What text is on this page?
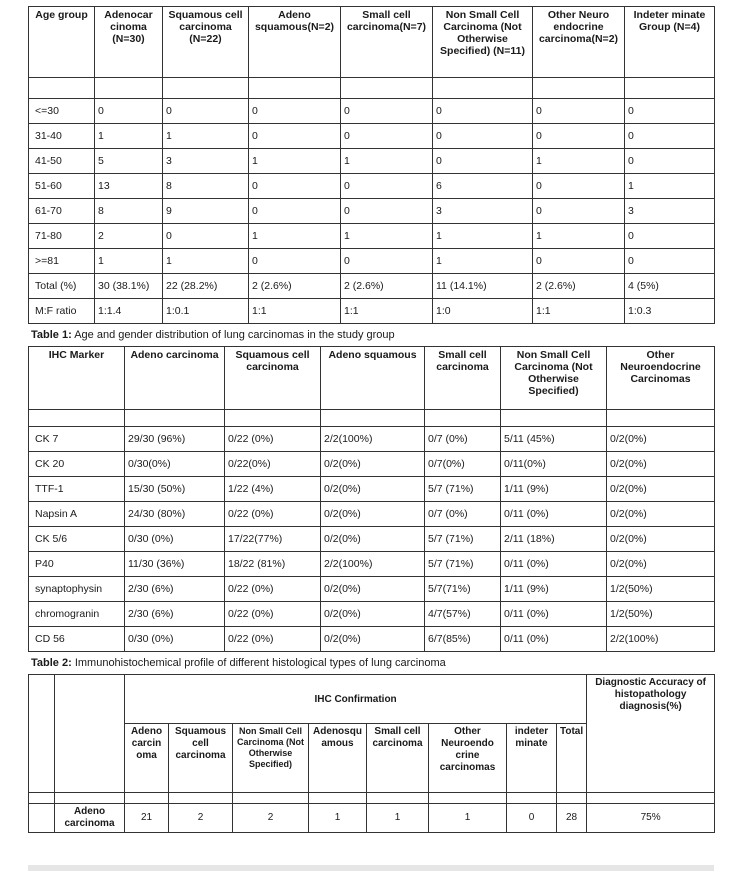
Age group	Adenocar cinoma (N=30)	Squamous cell carcinoma (N=22)	Adeno squamous(N=2)	Small cell carcinoma(N=7)	Non Small Cell Carcinoma (Not Otherwise Specified) (N=11)	Other Neuro endocrine carcinoma(N=2)	Indeter minate Group (N=4)

<=30	0	0	0	0	0	0	0
31-40	1	1	0	0	0	0	0
41-50	5	3	1	1	0	1	0
51-60	13	8	0	0	6	0	1
61-70	8	9	0	0	3	0	3
71-80	2	0	1	1	1	1	0
>=81	1	1	0	0	1	0	0
Total (%)	30 (38.1%)	22 (28.2%)	2 (2.6%)	2 (2.6%)	11 (14.1%)	2 (2.6%)	4 (5%)
M:F ratio	1:1.4	1:0.1	1:1	1:1	1:0	1:1	1:0.3
Table 1: Age and gender distribution of lung carcinomas in the study group
IHC Marker	Adeno carcinoma	Squamous cell carcinoma	Adeno squamous	Small cell carcinoma	Non Small Cell Carcinoma (Not Otherwise Specified)	Other Neuroendocrine Carcinomas

CK 7	29/30 (96%)	0/22 (0%)	2/2(100%)	0/7 (0%)	5/11 (45%)	0/2(0%)
CK 20	0/30(0%)	0/22(0%)	0/2(0%)	0/7(0%)	0/11(0%)	0/2(0%)
TTF-1	15/30 (50%)	1/22 (4%)	0/2(0%)	5/7 (71%)	1/11 (9%)	0/2(0%)
Napsin A	24/30 (80%)	0/22 (0%)	0/2(0%)	0/7 (0%)	0/11 (0%)	0/2(0%)
CK 5/6	0/30 (0%)	17/22(77%)	0/2(0%)	5/7 (71%)	2/11 (18%)	0/2(0%)
P40	11/30 (36%)	18/22 (81%)	2/2(100%)	5/7 (71%)	0/11 (0%)	0/2(0%)
synaptophysin	2/30 (6%)	0/22 (0%)	0/2(0%)	5/7(71%)	1/11 (9%)	1/2(50%)
chromogranin	2/30 (6%)	0/22 (0%)	0/2(0%)	4/7(57%)	0/11 (0%)	1/2(50%)
CD 56	0/30 (0%)	0/22 (0%)	0/2(0%)	6/7(85%)	0/11 (0%)	2/2(100%)
Table 2: Immunohistochemical profile of different histological types of lung carcinoma
		IHC Confirmation								Diagnostic Accuracy of histopathology diagnosis(%)
		Adeno carcin oma	Squamous cell carcinoma	Non Small Cell Carcinoma (Not Otherwise Specified)	Adenosqu amous	Small cell carcinoma	Other Neuroendo crine carcinomas	indeter minate	Total	

	Adeno carcinoma	21	2	2	1	1	1	0	28	75%
